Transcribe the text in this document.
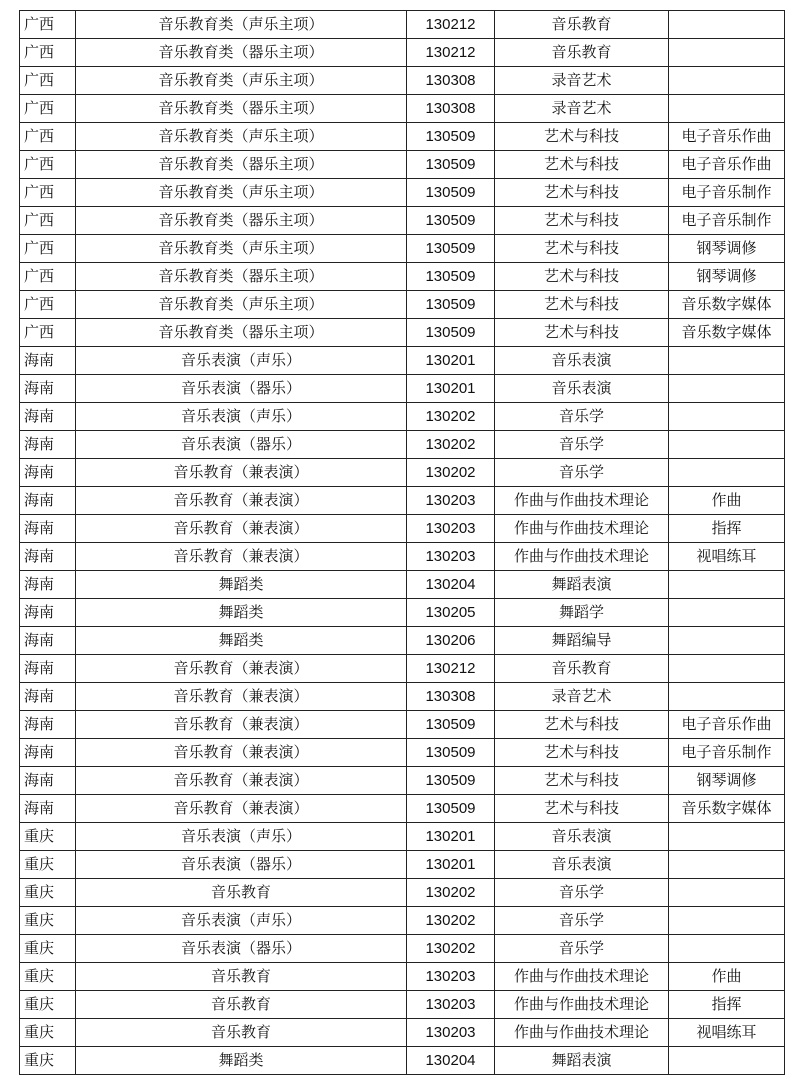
广西	音乐教育类（声乐主项）	130212	音乐教育	
广西	音乐教育类（器乐主项）	130212	音乐教育	
广西	音乐教育类（声乐主项）	130308	录音艺术	
广西	音乐教育类（器乐主项）	130308	录音艺术	
广西	音乐教育类（声乐主项）	130509	艺术与科技	电子音乐作曲
广西	音乐教育类（器乐主项）	130509	艺术与科技	电子音乐作曲
广西	音乐教育类（声乐主项）	130509	艺术与科技	电子音乐制作
广西	音乐教育类（器乐主项）	130509	艺术与科技	电子音乐制作
广西	音乐教育类（声乐主项）	130509	艺术与科技	钢琴调修
广西	音乐教育类（器乐主项）	130509	艺术与科技	钢琴调修
广西	音乐教育类（声乐主项）	130509	艺术与科技	音乐数字媒体
广西	音乐教育类（器乐主项）	130509	艺术与科技	音乐数字媒体
海南	音乐表演（声乐）	130201	音乐表演	
海南	音乐表演（器乐）	130201	音乐表演	
海南	音乐表演（声乐）	130202	音乐学	
海南	音乐表演（器乐）	130202	音乐学	
海南	音乐教育（兼表演）	130202	音乐学	
海南	音乐教育（兼表演）	130203	作曲与作曲技术理论	作曲
海南	音乐教育（兼表演）	130203	作曲与作曲技术理论	指挥
海南	音乐教育（兼表演）	130203	作曲与作曲技术理论	视唱练耳
海南	舞蹈类	130204	舞蹈表演	
海南	舞蹈类	130205	舞蹈学	
海南	舞蹈类	130206	舞蹈编导	
海南	音乐教育（兼表演）	130212	音乐教育	
海南	音乐教育（兼表演）	130308	录音艺术	
海南	音乐教育（兼表演）	130509	艺术与科技	电子音乐作曲
海南	音乐教育（兼表演）	130509	艺术与科技	电子音乐制作
海南	音乐教育（兼表演）	130509	艺术与科技	钢琴调修
海南	音乐教育（兼表演）	130509	艺术与科技	音乐数字媒体
重庆	音乐表演（声乐）	130201	音乐表演	
重庆	音乐表演（器乐）	130201	音乐表演	
重庆	音乐教育	130202	音乐学	
重庆	音乐表演（声乐）	130202	音乐学	
重庆	音乐表演（器乐）	130202	音乐学	
重庆	音乐教育	130203	作曲与作曲技术理论	作曲
重庆	音乐教育	130203	作曲与作曲技术理论	指挥
重庆	音乐教育	130203	作曲与作曲技术理论	视唱练耳
重庆	舞蹈类	130204	舞蹈表演	
